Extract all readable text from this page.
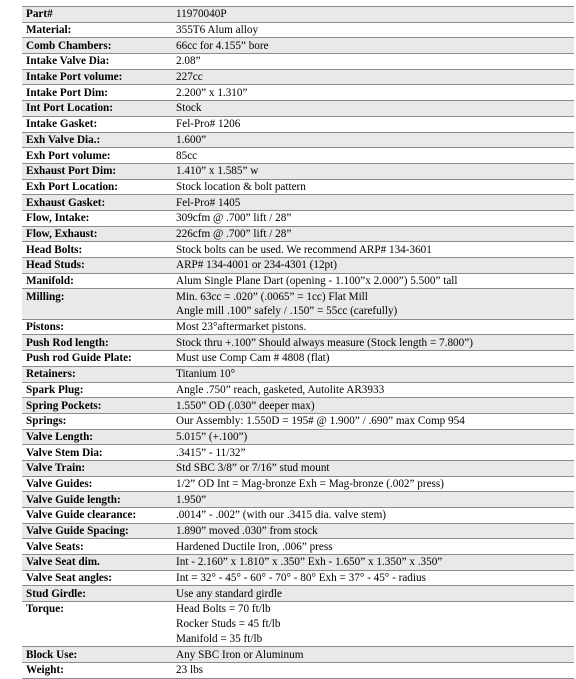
Part#	11970040P
Material:	355T6 Alum alloy
Comb Chambers:	66cc for 4.155” bore
Intake Valve Dia:	2.08”
Intake Port volume:	227cc
Intake Port Dim:	2.200” x 1.310”
Int Port Location:	Stock
Intake Gasket:	Fel-Pro# 1206
Exh Valve Dia.:	1.600”
Exh Port volume:	85cc
Exhaust Port Dim:	1.410” x 1.585” w
Exh Port Location:	Stock location & bolt pattern
Exhaust Gasket:	Fel-Pro# 1405
Flow, Intake:	309cfm @ .700” lift / 28”
Flow, Exhaust:	226cfm @ .700” lift / 28”
Head Bolts:	Stock bolts can be used. We recommend ARP# 134-3601
Head Studs:	ARP# 134-4001 or 234-4301 (12pt)
Manifold:	Alum Single Plane Dart (opening - 1.100”x 2.000”) 5.500” tall
Milling:	Min. 63cc = .020” (.0065” = 1cc) Flat Mill
	Angle mill .100” safely / .150” = 55cc (carefully)
Pistons:	Most 23°aftermarket pistons.
Push Rod length:	Stock thru +.100” Should always measure (Stock length = 7.800”)
Push rod Guide Plate:	Must use Comp Cam # 4808 (flat)
Retainers:	Titanium 10°
Spark Plug:	Angle .750” reach, gasketed, Autolite AR3933
Spring Pockets:	1.550” OD (.030” deeper max)
Springs:	Our Assembly: 1.550D = 195# @ 1.900” / .690” max Comp 954
Valve Length:	5.015” (+.100”)
Valve Stem Dia:	.3415” - 11/32”
Valve Train:	Std SBC 3/8” or 7/16” stud mount
Valve Guides:	1/2” OD Int = Mag-bronze Exh = Mag-bronze (.002” press)
Valve Guide length:	1.950”
Valve Guide clearance:	.0014” - .002” (with our .3415 dia. valve stem)
Valve Guide Spacing:	1.890” moved .030” from stock
Valve Seats:	Hardened Ductile Iron, .006” press
Valve Seat dim.	Int - 2.160” x 1.810” x .350” Exh - 1.650” x 1.350” x .350”
Valve Seat angles:	Int = 32° - 45° - 60° - 70° - 80° Exh = 37° - 45° - radius
Stud Girdle:	Use any standard girdle
Torque:	Head Bolts = 70 ft/lb
	Rocker Studs = 45 ft/lb
	Manifold = 35 ft/lb
Block Use:	Any SBC Iron or Aluminum
Weight:	23 lbs
